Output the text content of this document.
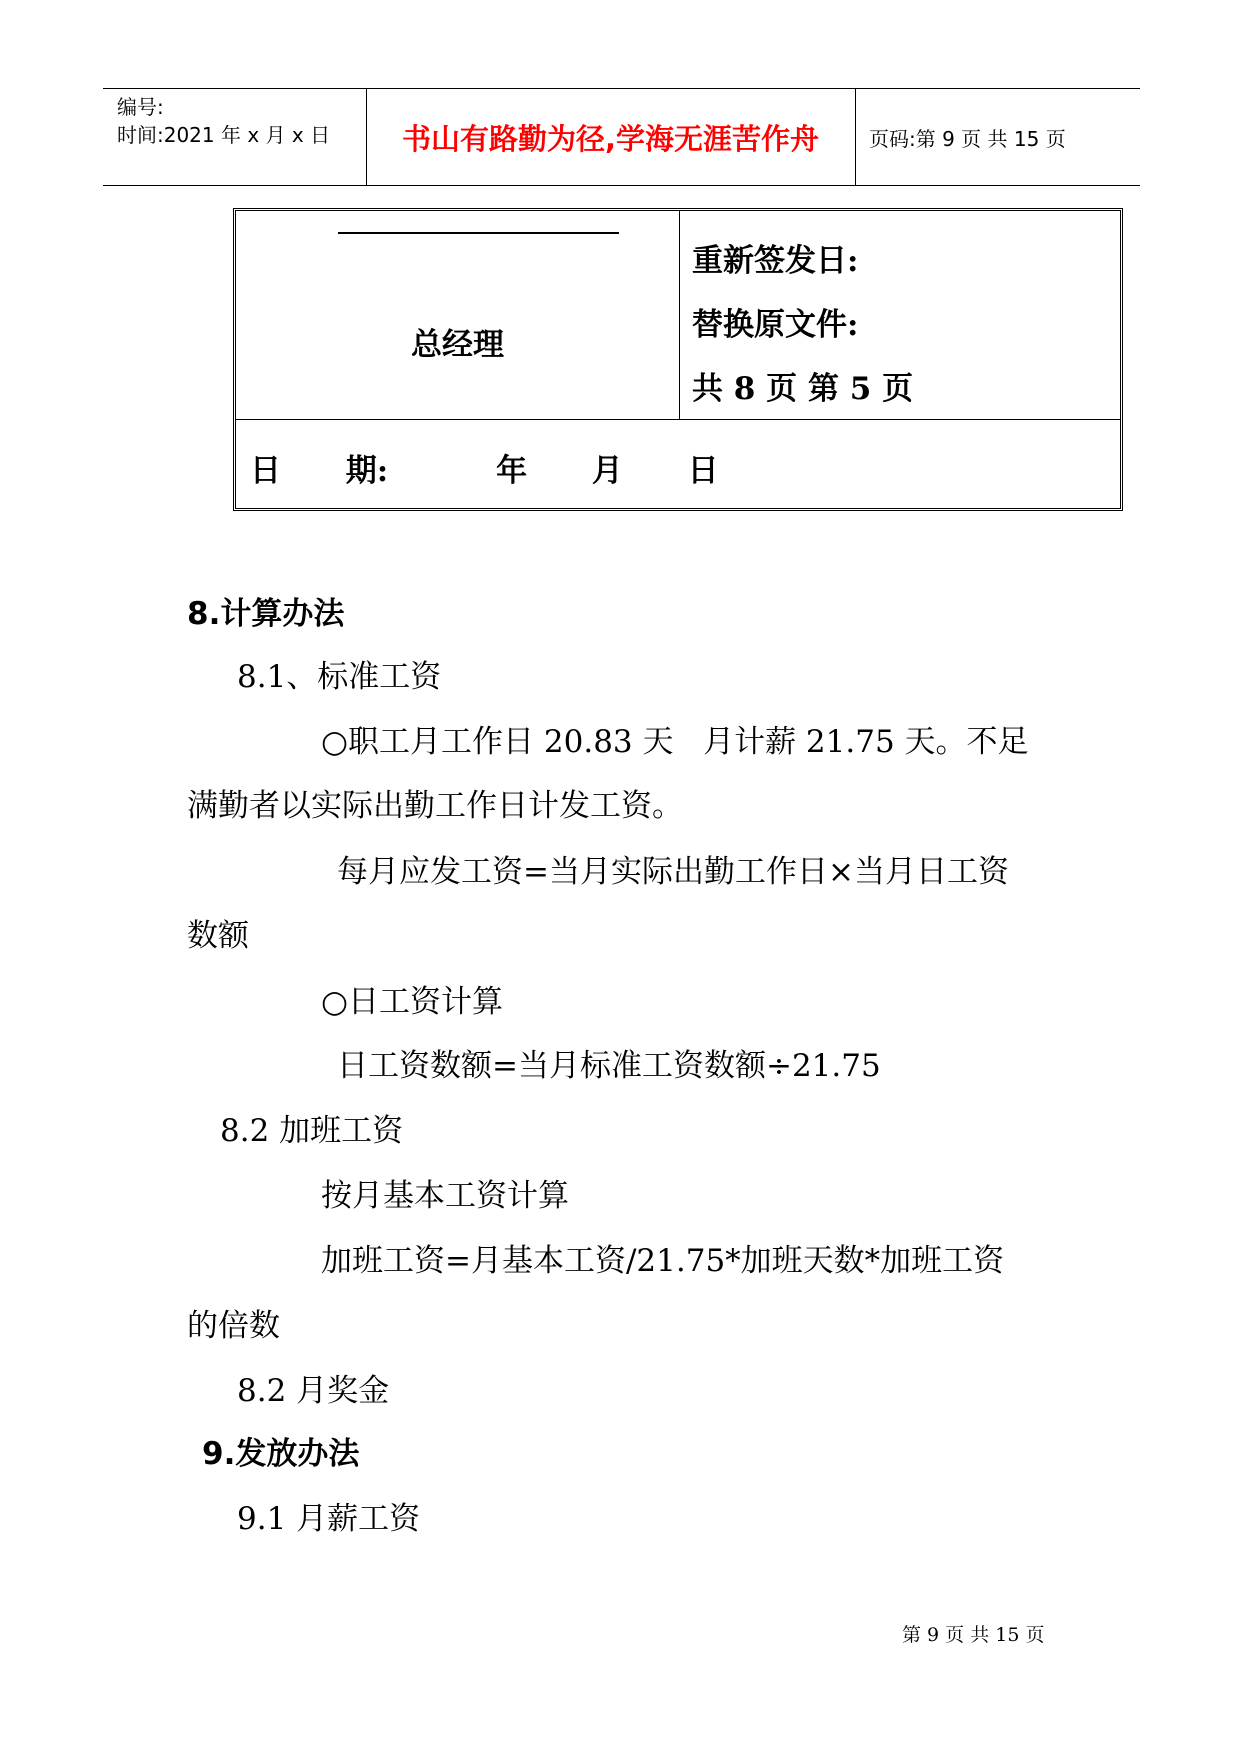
编号:
时间:2021 年 x 月 x 日	书山有路勤为径,学海无涯苦作舟	页码:第 9 页 共 15 页
总经理
重新签发日:
替换原文件:
共 8 页 第 5 页
日      期:          年      月      日
8.计算办法
8.1、标准工资
○职工月工作日 20.83 天   月计薪 21.75 天。不足
满勤者以实际出勤工作日计发工资。
每月应发工资=当月实际出勤工作日×当月日工资
数额
○日工资计算
日工资数额=当月标准工资数额÷21.75
8.2 加班工资
按月基本工资计算
加班工资=月基本工资/21.75*加班天数*加班工资
的倍数
8.2 月奖金
9.发放办法
9.1 月薪工资
第 9 页 共 15 页
